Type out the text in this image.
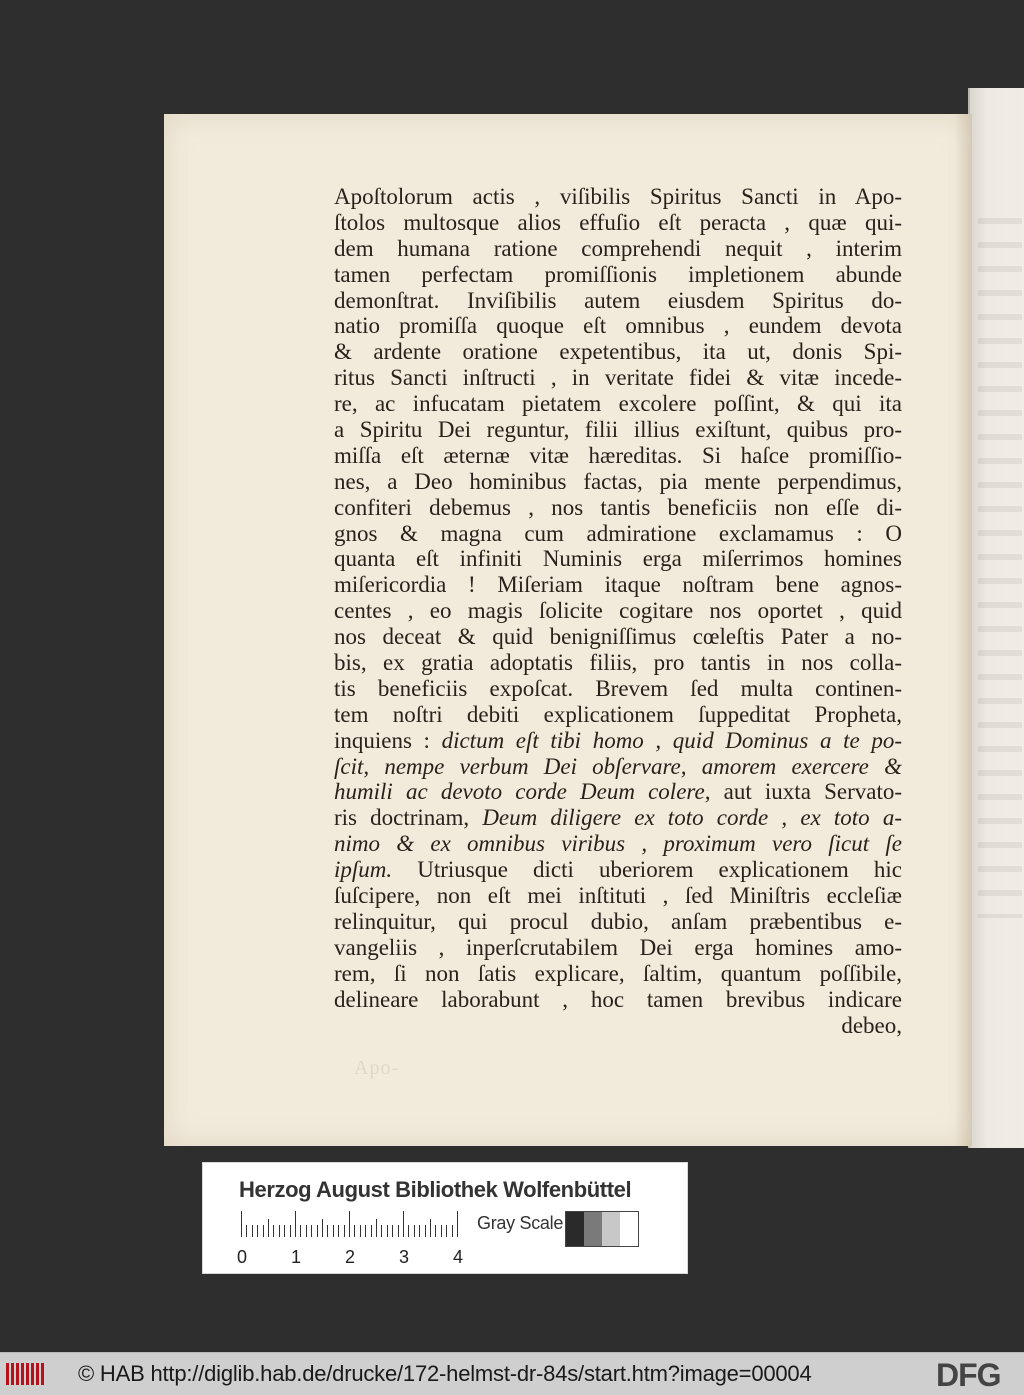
Apoſtolorum actis , viſibilis Spiritus Sancti in Apo-
ſtolos multosque alios effuſio eſt peracta , quæ qui-
dem humana ratione comprehendi nequit , interim
tamen perfectam promiſſionis impletionem abunde
demonſtrat. Inviſibilis autem eiusdem Spiritus do-
natio promiſſa quoque eſt omnibus , eundem devota
& ardente oratione expetentibus, ita ut, donis Spi-
ritus Sancti inſtructi , in veritate fidei & vitæ incede-
re, ac infucatam pietatem excolere poſſint, & qui ita
a Spiritu Dei reguntur, filii illius exiſtunt, quibus pro-
miſſa eſt æternæ vitæ hæreditas. Si haſce promiſſio-
nes, a Deo hominibus factas, pia mente perpendimus,
confiteri debemus , nos tantis beneficiis non eſſe di-
gnos & magna cum admiratione exclamamus : O
quanta eſt infiniti Numinis erga miſerrimos homines
miſericordia ! Miſeriam itaque noſtram bene agnos-
centes , eo magis ſolicite cogitare nos oportet , quid
nos deceat & quid benigniſſimus cœleſtis Pater a no-
bis, ex gratia adoptatis filiis, pro tantis in nos colla-
tis beneficiis expoſcat. Brevem ſed multa continen-
tem noſtri debiti explicationem ſuppeditat Propheta,
inquiens : dictum eſt tibi homo , quid Dominus a te po-
ſcit, nempe verbum Dei obſervare, amorem exercere &
humili ac devoto corde Deum colere, aut iuxta Servato-
ris doctrinam, Deum diligere ex toto corde , ex toto a-
nimo & ex omnibus viribus , proximum vero ſicut ſe
ipſum. Utriusque dicti uberiorem explicationem hic
ſuſcipere, non eſt mei inſtituti , ſed Miniſtris eccleſiæ
relinquitur, qui procul dubio, anſam præbentibus e-
vangeliis , inperſcrutabilem Dei erga homines amo-
rem, ſi non ſatis explicare, ſaltim, quantum poſſibile,
delineare laborabunt , hoc tamen brevibus indicare
debeo,
Apo-
Herzog August Bibliothek Wolfenbüttel
0 1 2 3 4
Gray Scale
© HAB http://diglib.hab.de/drucke/172-helmst-dr-84s/start.htm?image=00004	DFG
